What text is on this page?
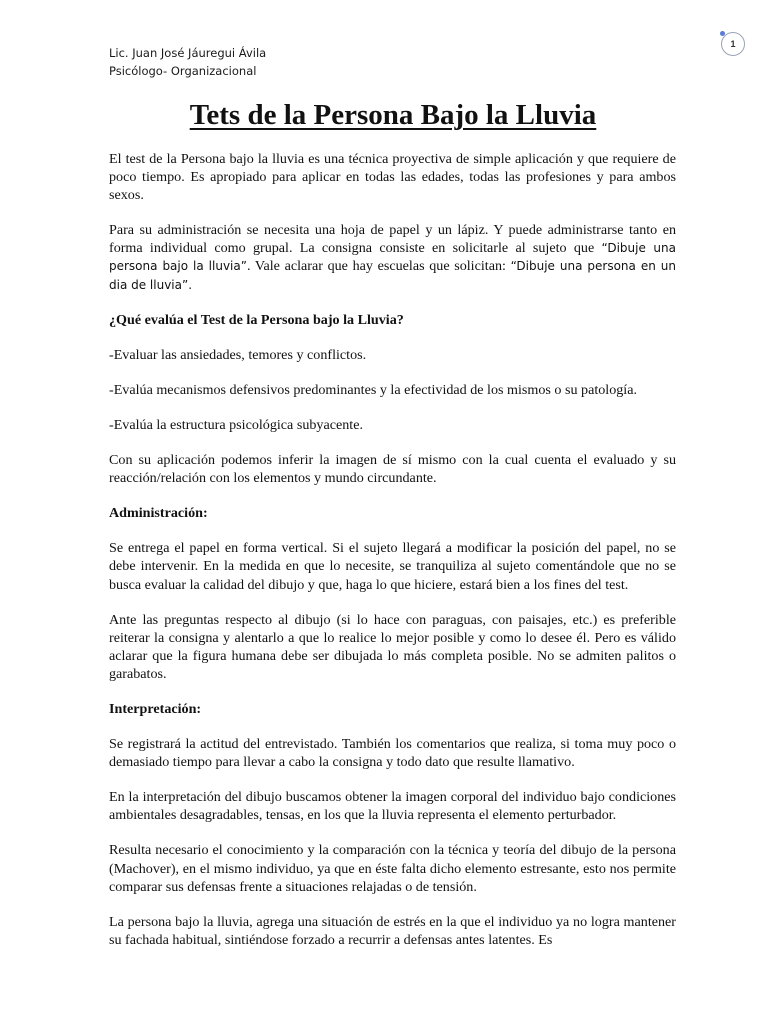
1
Lic. Juan José Jáuregui Ávila
Psicólogo- Organizacional
Tets de la Persona Bajo la Lluvia

El test de la Persona bajo la lluvia es una técnica proyectiva de simple aplicación y que requiere de poco tiempo. Es apropiado para aplicar en todas las edades, todas las profesiones y para ambos sexos.

Para su administración se necesita una hoja de papel y un lápiz. Y puede administrarse tanto en forma individual como grupal. La consigna consiste en solicitarle al sujeto que “Dibuje una persona bajo la lluvia”. Vale aclarar que hay escuelas que solicitan: “Dibuje una persona en un dia de lluvia”.

¿Qué evalúa el Test de la Persona bajo la Lluvia?

-Evaluar las ansiedades, temores y conflictos.

-Evalúa mecanismos defensivos predominantes y la efectividad de los mismos o su patología.

-Evalúa la estructura psicológica subyacente.

Con su aplicación podemos inferir la imagen de sí mismo con la cual cuenta el evaluado y su reacción/relación con los elementos y mundo circundante.

Administración:

Se entrega el papel en forma vertical. Si el sujeto llegará a modificar la posición del papel, no se debe intervenir. En la medida en que lo necesite, se tranquiliza al sujeto comentándole que no se busca evaluar la calidad del dibujo y que, haga lo que hiciere, estará bien a los fines del test.

Ante las preguntas respecto al dibujo (si lo hace con paraguas, con paisajes, etc.) es preferible reiterar la consigna y alentarlo a que lo realice lo mejor posible y como lo desee él. Pero es válido aclarar que la figura humana debe ser dibujada lo más completa posible. No se admiten palitos o garabatos.

Interpretación:

Se registrará la actitud del entrevistado. También los comentarios que realiza, si toma muy poco o demasiado tiempo para llevar a cabo la consigna y todo dato que resulte llamativo.

En la interpretación del dibujo buscamos obtener la imagen corporal del individuo bajo condiciones ambientales desagradables, tensas, en los que la lluvia representa el elemento perturbador.

Resulta necesario el conocimiento y la comparación con la técnica y teoría del dibujo de la persona (Machover), en el mismo individuo, ya que en éste falta dicho elemento estresante, esto nos permite comparar sus defensas frente a situaciones relajadas o de tensión.

La persona bajo la lluvia, agrega una situación de estrés en la que el individuo ya no logra mantener su fachada habitual, sintiéndose forzado a recurrir a defensas antes latentes. Es
